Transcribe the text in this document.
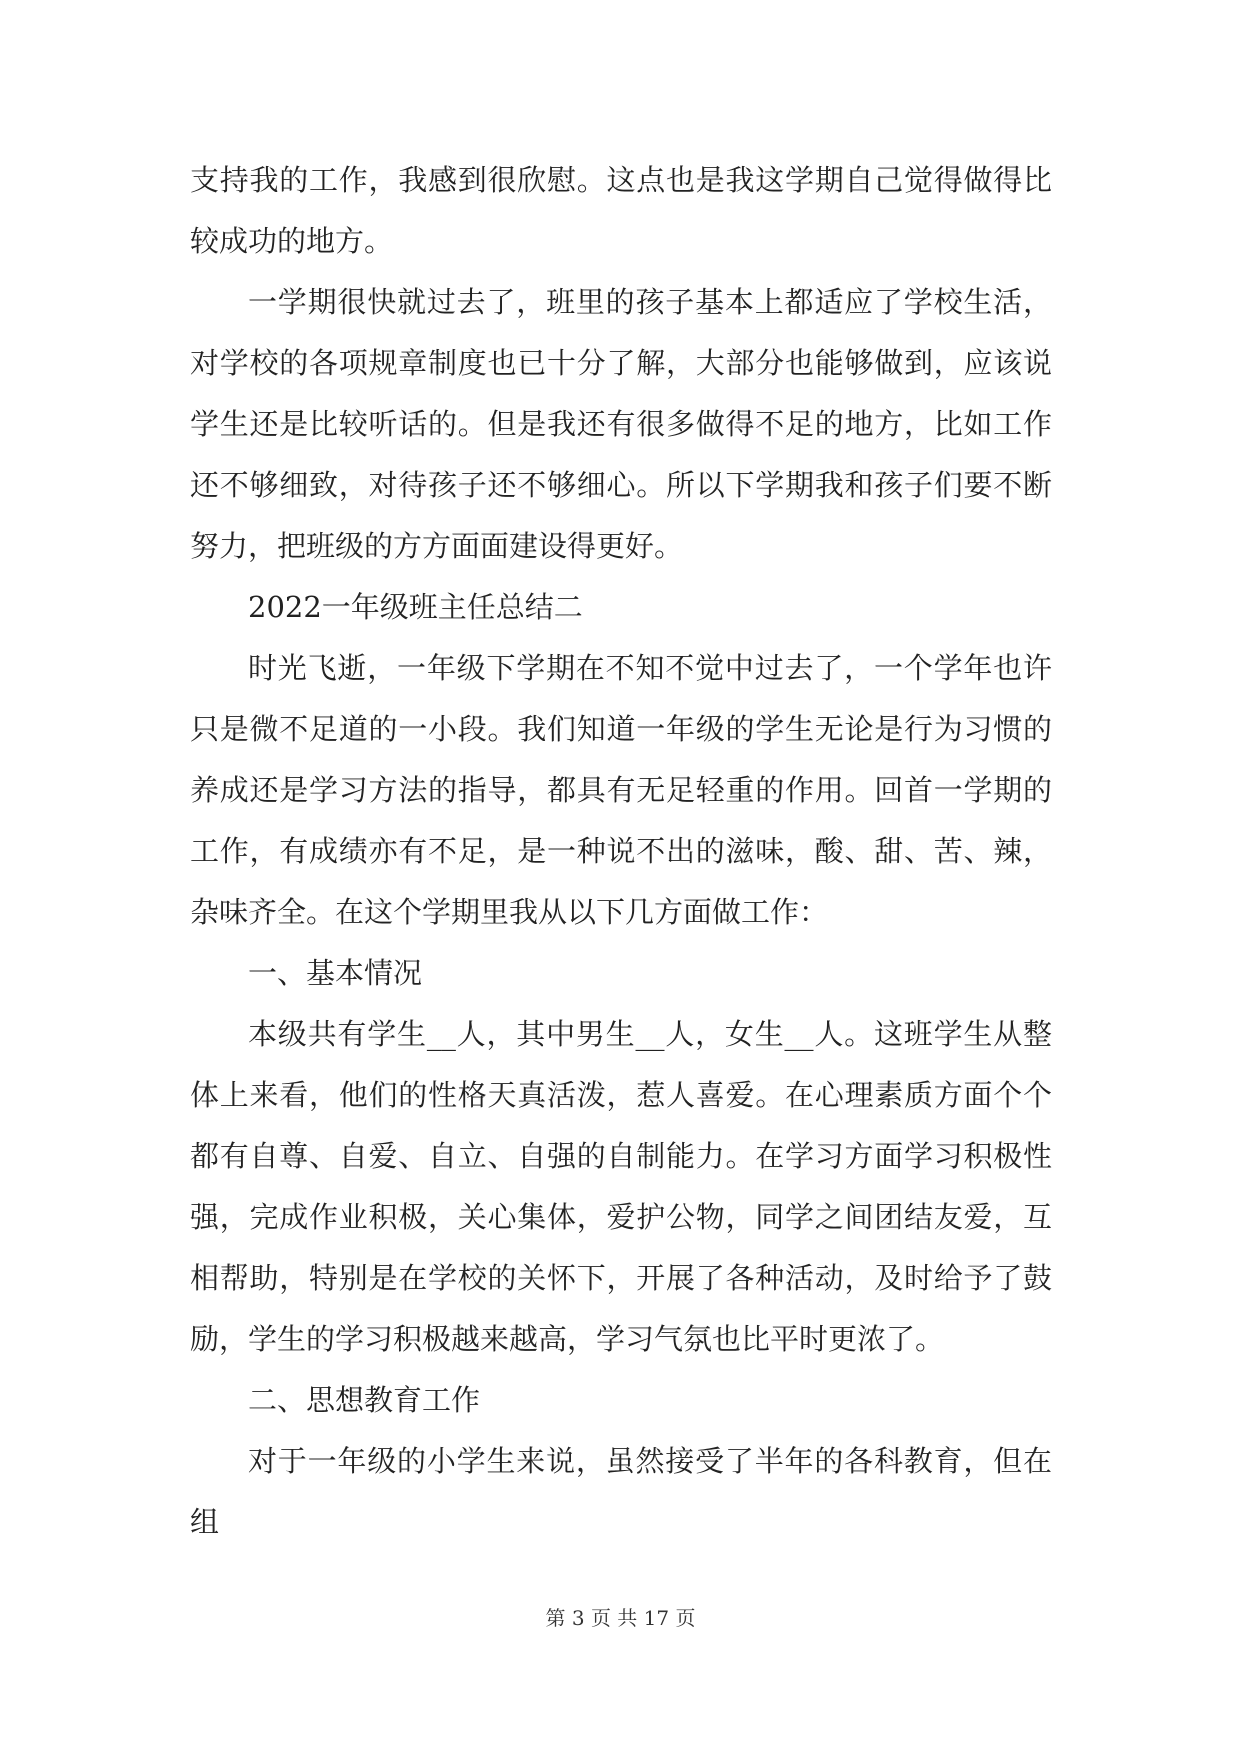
支持我的工作，我感到很欣慰。这点也是我这学期自己觉得做得比较成功的地方。

一学期很快就过去了，班里的孩子基本上都适应了学校生活，对学校的各项规章制度也已十分了解，大部分也能够做到，应该说学生还是比较听话的。但是我还有很多做得不足的地方，比如工作还不够细致，对待孩子还不够细心。所以下学期我和孩子们要不断努力，把班级的方方面面建设得更好。

2022一年级班主任总结二

时光飞逝，一年级下学期在不知不觉中过去了，一个学年也许只是微不足道的一小段。我们知道一年级的学生无论是行为习惯的养成还是学习方法的指导，都具有无足轻重的作用。回首一学期的工作，有成绩亦有不足，是一种说不出的滋味，酸、甜、苦、辣，杂味齐全。在这个学期里我从以下几方面做工作：

一、基本情况

本级共有学生__人，其中男生__人，女生__人。这班学生从整体上来看，他们的性格天真活泼，惹人喜爱。在心理素质方面个个都有自尊、自爱、自立、自强的自制能力。在学习方面学习积极性强，完成作业积极，关心集体，爱护公物，同学之间团结友爱，互相帮助，特别是在学校的关怀下，开展了各种活动，及时给予了鼓励，学生的学习积极越来越高，学习气氛也比平时更浓了。

二、思想教育工作

对于一年级的小学生来说，虽然接受了半年的各科教育，但在组

第 3 页 共 17 页
